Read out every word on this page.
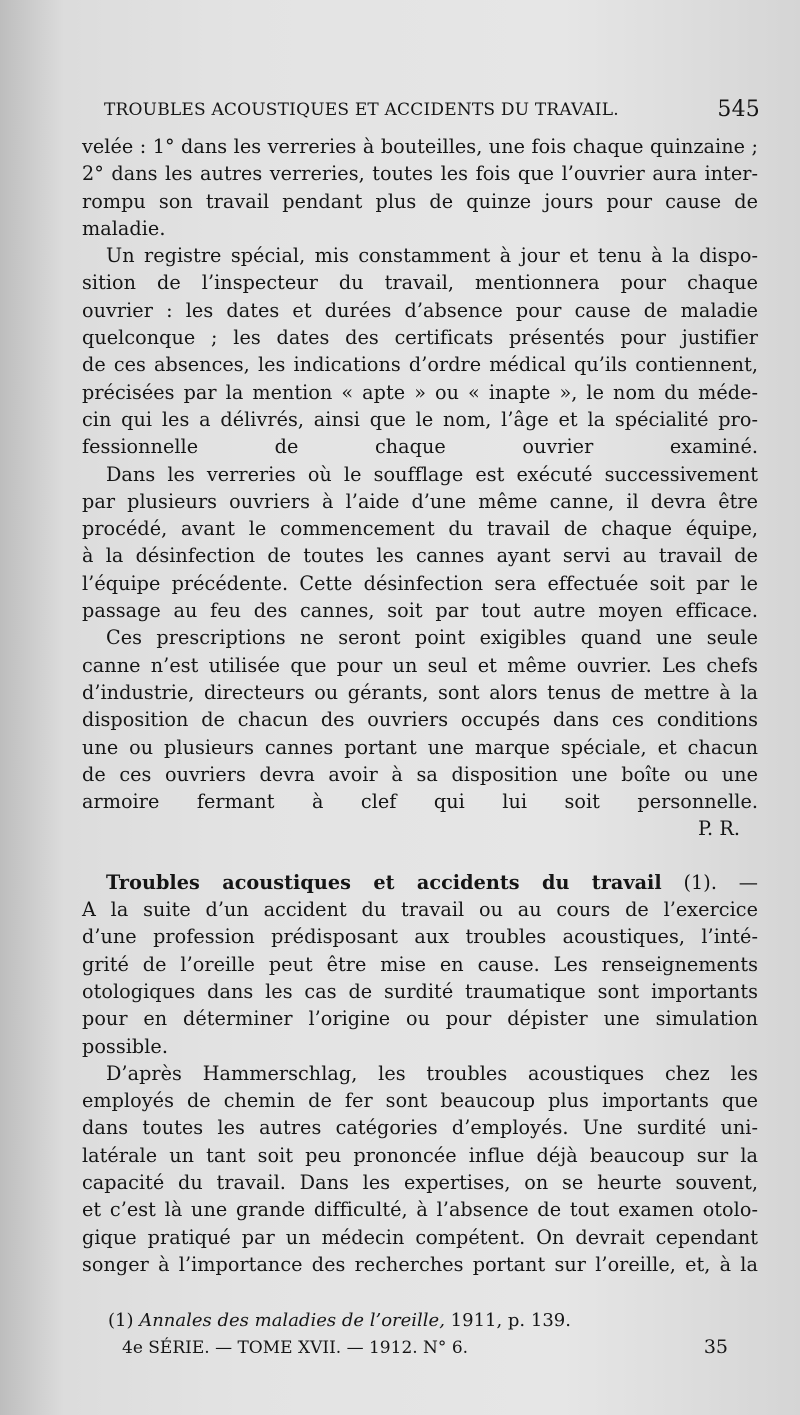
TROUBLES ACOUSTIQUES ET ACCIDENTS DU TRAVAIL.	545

velée : 1° dans les verreries à bouteilles, une fois chaque quinzaine ;
2° dans les autres verreries, toutes les fois que l’ouvrier aura inter-
rompu son travail pendant plus de quinze jours pour cause de
maladie.

Un registre spécial, mis constamment à jour et tenu à la dispo-
sition de l’inspecteur du travail, mentionnera pour chaque
ouvrier : les dates et durées d’absence pour cause de maladie
quelconque ; les dates des certificats présentés pour justifier
de ces absences, les indications d’ordre médical qu’ils contiennent,
précisées par la mention « apte » ou « inapte », le nom du méde-
cin qui les a délivrés, ainsi que le nom, l’âge et la spécialité pro-
fessionnelle de chaque ouvrier examiné.

Dans les verreries où le soufflage est exécuté successivement
par plusieurs ouvriers à l’aide d’une même canne, il devra être
procédé, avant le commencement du travail de chaque équipe,
à la désinfection de toutes les cannes ayant servi au travail de
l’équipe précédente. Cette désinfection sera effectuée soit par le
passage au feu des cannes, soit par tout autre moyen efficace.

Ces prescriptions ne seront point exigibles quand une seule
canne n’est utilisée que pour un seul et même ouvrier. Les chefs
d’industrie, directeurs ou gérants, sont alors tenus de mettre à la
disposition de chacun des ouvriers occupés dans ces conditions
une ou plusieurs cannes portant une marque spéciale, et chacun
de ces ouvriers devra avoir à sa disposition une boîte ou une
armoire fermant à clef qui lui soit personnelle.

P. R.

Troubles acoustiques et accidents du travail (1). —
A la suite d’un accident du travail ou au cours de l’exercice
d’une profession prédisposant aux troubles acoustiques, l’inté-
grité de l’oreille peut être mise en cause. Les renseignements
otologiques dans les cas de surdité traumatique sont importants
pour en déterminer l’origine ou pour dépister une simulation
possible.

D’après Hammerschlag, les troubles acoustiques chez les
employés de chemin de fer sont beaucoup plus importants que
dans toutes les autres catégories d’employés. Une surdité uni-
latérale un tant soit peu prononcée influe déjà beaucoup sur la
capacité du travail. Dans les expertises, on se heurte souvent,
et c’est là une grande difficulté, à l’absence de tout examen otolo-
gique pratiqué par un médecin compétent. On devrait cependant
songer à l’importance des recherches portant sur l’oreille, et, à la

(1) Annales des maladies de l’oreille, 1911, p. 139.
4e SÉRIE. — TOME XVII. — 1912. N° 6.	35
